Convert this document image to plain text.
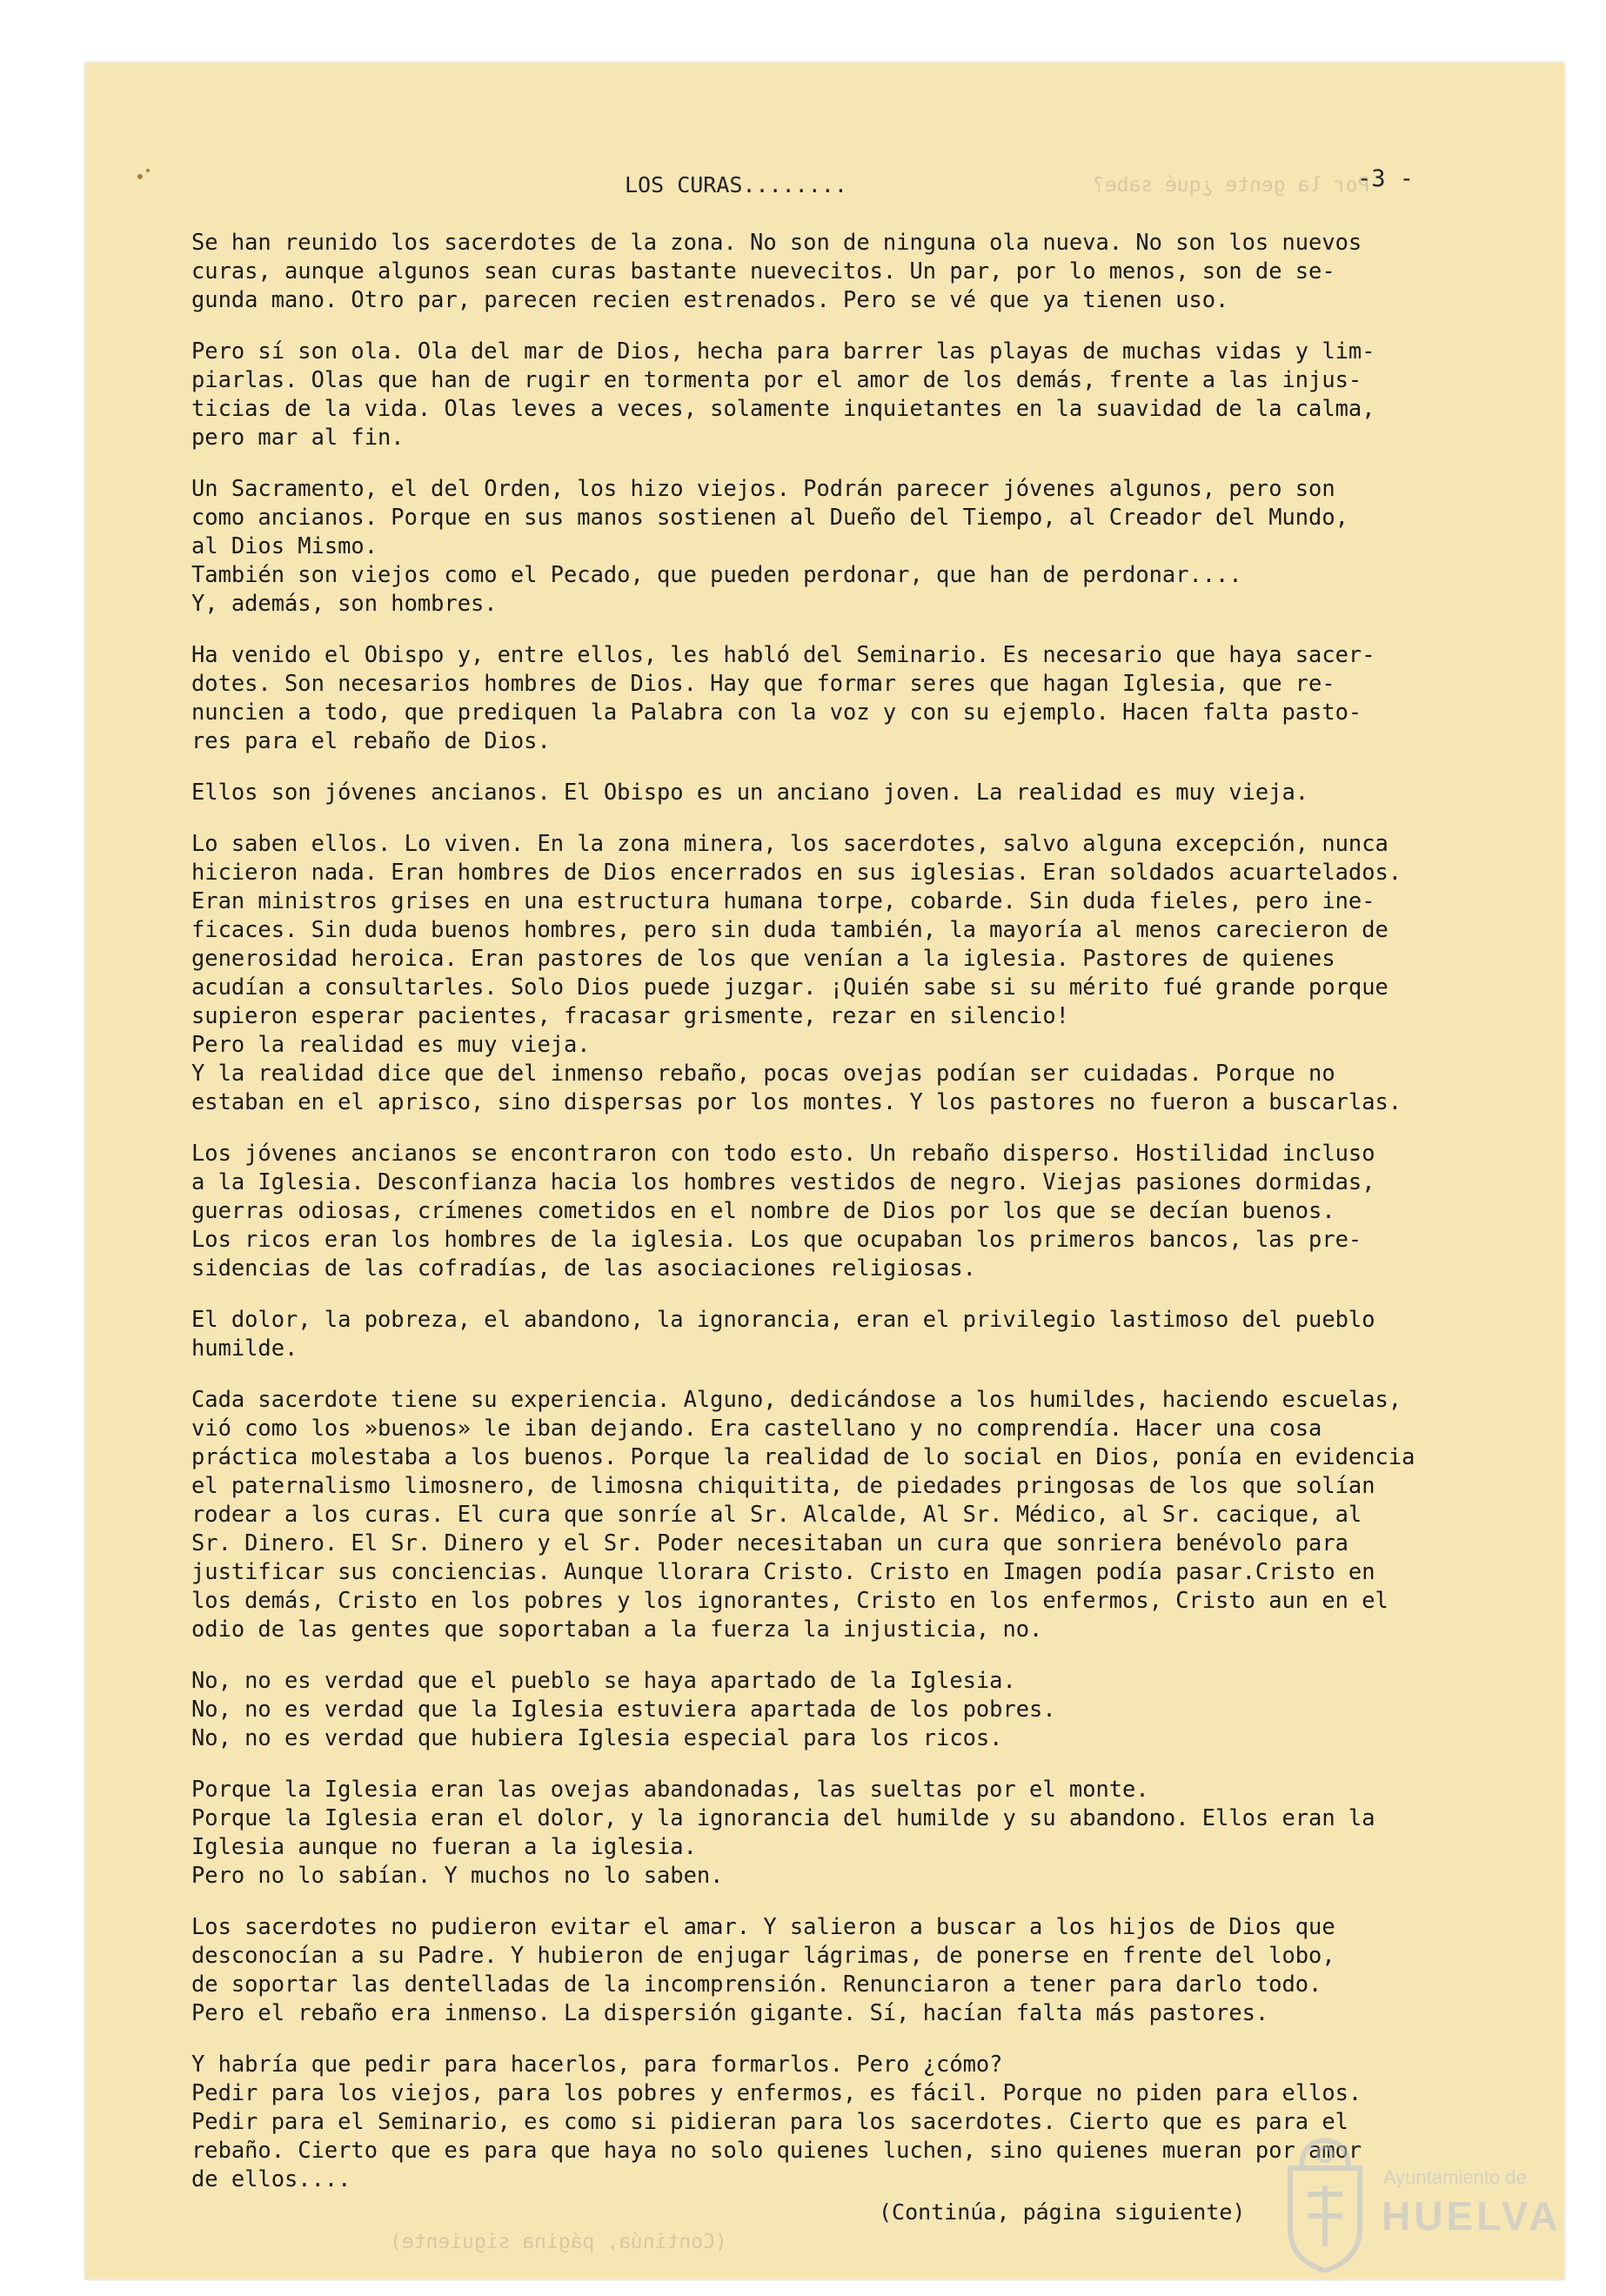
Por la gente ¿qué sabe?
(Continúa, página siguiente)
LOS CURAS........	-3 -
Se han reunido los sacerdotes de la zona. No son de ninguna ola nueva. No son los nuevos
curas, aunque algunos sean curas bastante nuevecitos. Un par, por lo menos, son de se-
gunda mano. Otro par, parecen recien estrenados. Pero se vé que ya tienen uso.
Pero sí son ola. Ola del mar de Dios, hecha para barrer las playas de muchas vidas y lim-
piarlas. Olas que han de rugir en tormenta por el amor de los demás, frente a las injus-
ticias de la vida. Olas leves a veces, solamente inquietantes en la suavidad de la calma,
pero mar al fin.
Un Sacramento, el del Orden, los hizo viejos. Podrán parecer jóvenes algunos, pero son
como ancianos. Porque en sus manos sostienen al Dueño del Tiempo, al Creador del Mundo,
al Dios Mismo.
También son viejos como el Pecado, que pueden perdonar, que han de perdonar....
Y, además, son hombres.
Ha venido el Obispo y, entre ellos, les habló del Seminario. Es necesario que haya sacer-
dotes. Son necesarios hombres de Dios. Hay que formar seres que hagan Iglesia, que re-
nuncien a todo, que prediquen la Palabra con la voz y con su ejemplo. Hacen falta pasto-
res para el rebaño de Dios.
Ellos son jóvenes ancianos. El Obispo es un anciano joven. La realidad es muy vieja.
Lo saben ellos. Lo viven. En la zona minera, los sacerdotes, salvo alguna excepción, nunca
hicieron nada. Eran hombres de Dios encerrados en sus iglesias. Eran soldados acuartelados.
Eran ministros grises en una estructura humana torpe, cobarde. Sin duda fieles, pero ine-
ficaces. Sin duda buenos hombres, pero sin duda también, la mayoría al menos carecieron de
generosidad heroica. Eran pastores de los que venían a la iglesia. Pastores de quienes
acudían a consultarles. Solo Dios puede juzgar. ¡Quién sabe si su mérito fué grande porque
supieron esperar pacientes, fracasar grismente, rezar en silencio!
Pero la realidad es muy vieja.
Y la realidad dice que del inmenso rebaño, pocas ovejas podían ser cuidadas. Porque no
estaban en el aprisco, sino dispersas por los montes. Y los pastores no fueron a buscarlas.
Los jóvenes ancianos se encontraron con todo esto. Un rebaño disperso. Hostilidad incluso
a la Iglesia. Desconfianza hacia los hombres vestidos de negro. Viejas pasiones dormidas,
guerras odiosas, crímenes cometidos en el nombre de Dios por los que se decían buenos.
Los ricos eran los hombres de la iglesia. Los que ocupaban los primeros bancos, las pre-
sidencias de las cofradías, de las asociaciones religiosas.
El dolor, la pobreza, el abandono, la ignorancia, eran el privilegio lastimoso del pueblo
humilde.
Cada sacerdote tiene su experiencia. Alguno, dedicándose a los humildes, haciendo escuelas,
vió como los »buenos» le iban dejando. Era castellano y no comprendía. Hacer una cosa
práctica molestaba a los buenos. Porque la realidad de lo social en Dios, ponía en evidencia
el paternalismo limosnero, de limosna chiquitita, de piedades pringosas de los que solían
rodear a los curas. El cura que sonríe al Sr. Alcalde, Al Sr. Médico, al Sr. cacique, al
Sr. Dinero. El Sr. Dinero y el Sr. Poder necesitaban un cura que sonriera benévolo para
justificar sus conciencias. Aunque llorara Cristo. Cristo en Imagen podía pasar.Cristo en
los demás, Cristo en los pobres y los ignorantes, Cristo en los enfermos, Cristo aun en el
odio de las gentes que soportaban a la fuerza la injusticia, no.
No, no es verdad que el pueblo se haya apartado de la Iglesia.
No, no es verdad que la Iglesia estuviera apartada de los pobres.
No, no es verdad que hubiera Iglesia especial para los ricos.
Porque la Iglesia eran las ovejas abandonadas, las sueltas por el monte.
Porque la Iglesia eran el dolor, y la ignorancia del humilde y su abandono. Ellos eran la
Iglesia aunque no fueran a la iglesia.
Pero no lo sabían. Y muchos no lo saben.
Los sacerdotes no pudieron evitar el amar. Y salieron a buscar a los hijos de Dios que
desconocían a su Padre. Y hubieron de enjugar lágrimas, de ponerse en frente del lobo,
de soportar las dentelladas de la incomprensión. Renunciaron a tener para darlo todo.
Pero el rebaño era inmenso. La dispersión gigante. Sí, hacían falta más pastores.
Y habría que pedir para hacerlos, para formarlos. Pero ¿cómo?
Pedir para los viejos, para los pobres y enfermos, es fácil. Porque no piden para ellos.
Pedir para el Seminario, es como si pidieran para los sacerdotes. Cierto que es para el
rebaño. Cierto que es para que haya no solo quienes luchen, sino quienes mueran por amor
de ellos....
(Continúa, página siguiente)
Ayuntamiento de
HUELVA
